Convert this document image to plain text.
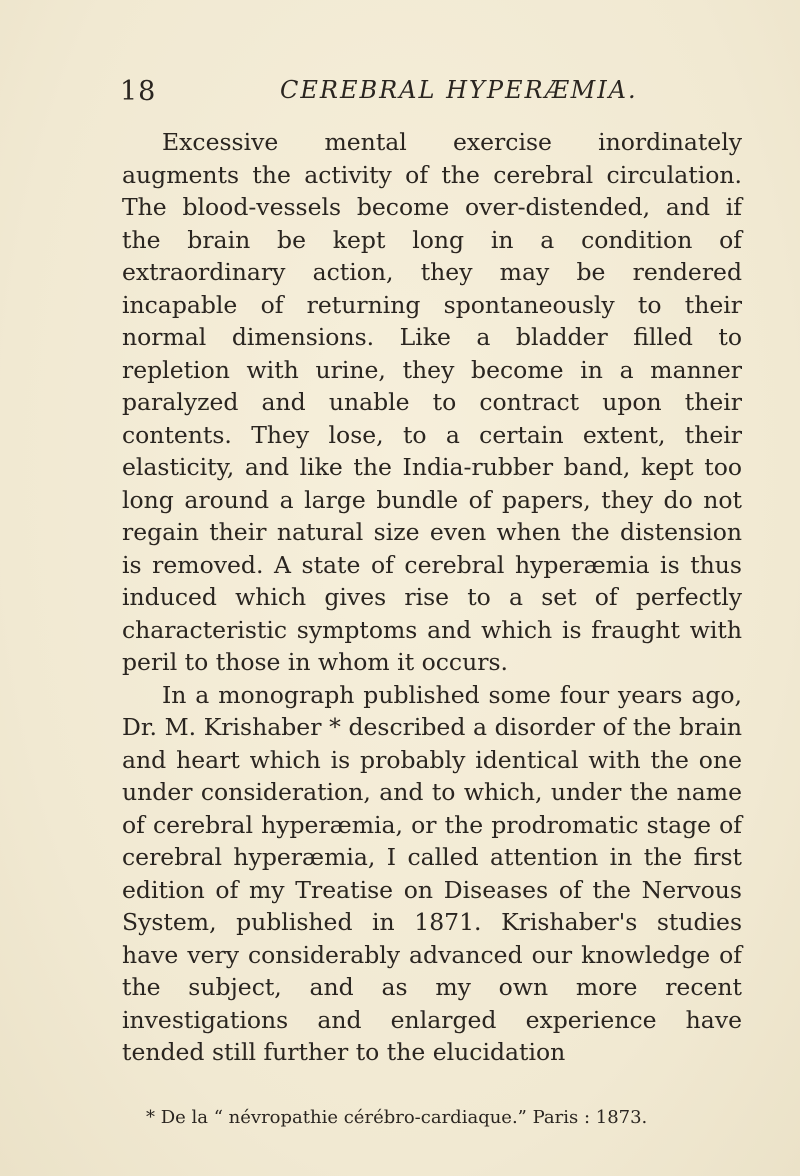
18	CEREBRAL HYPERÆMIA.

Excessive mental exercise inordinately augments the activity of the cerebral circulation. The blood-vessels become over-distended, and if the brain be kept long in a condition of extraordinary action, they may be rendered incapable of returning spontaneously to their normal dimensions. Like a bladder filled to repletion with urine, they become in a manner paralyzed and unable to contract upon their contents. They lose, to a certain extent, their elasticity, and like the India-rubber band, kept too long around a large bundle of papers, they do not regain their natural size even when the distension is removed. A state of cerebral hyperæmia is thus induced which gives rise to a set of perfectly characteristic symptoms and which is fraught with peril to those in whom it occurs.

In a monograph published some four years ago, Dr. M. Krishaber * described a disorder of the brain and heart which is probably identical with the one under consideration, and to which, under the name of cerebral hyperæmia, or the prodromatic stage of cerebral hyperæmia, I called attention in the first edition of my Treatise on Diseases of the Nervous System, published in 1871. Krishaber's studies have very considerably advanced our knowledge of the subject, and as my own more recent investigations and enlarged experience have tended still further to the elucidation

* De la “ névropathie cérébro-cardiaque.” Paris : 1873.
